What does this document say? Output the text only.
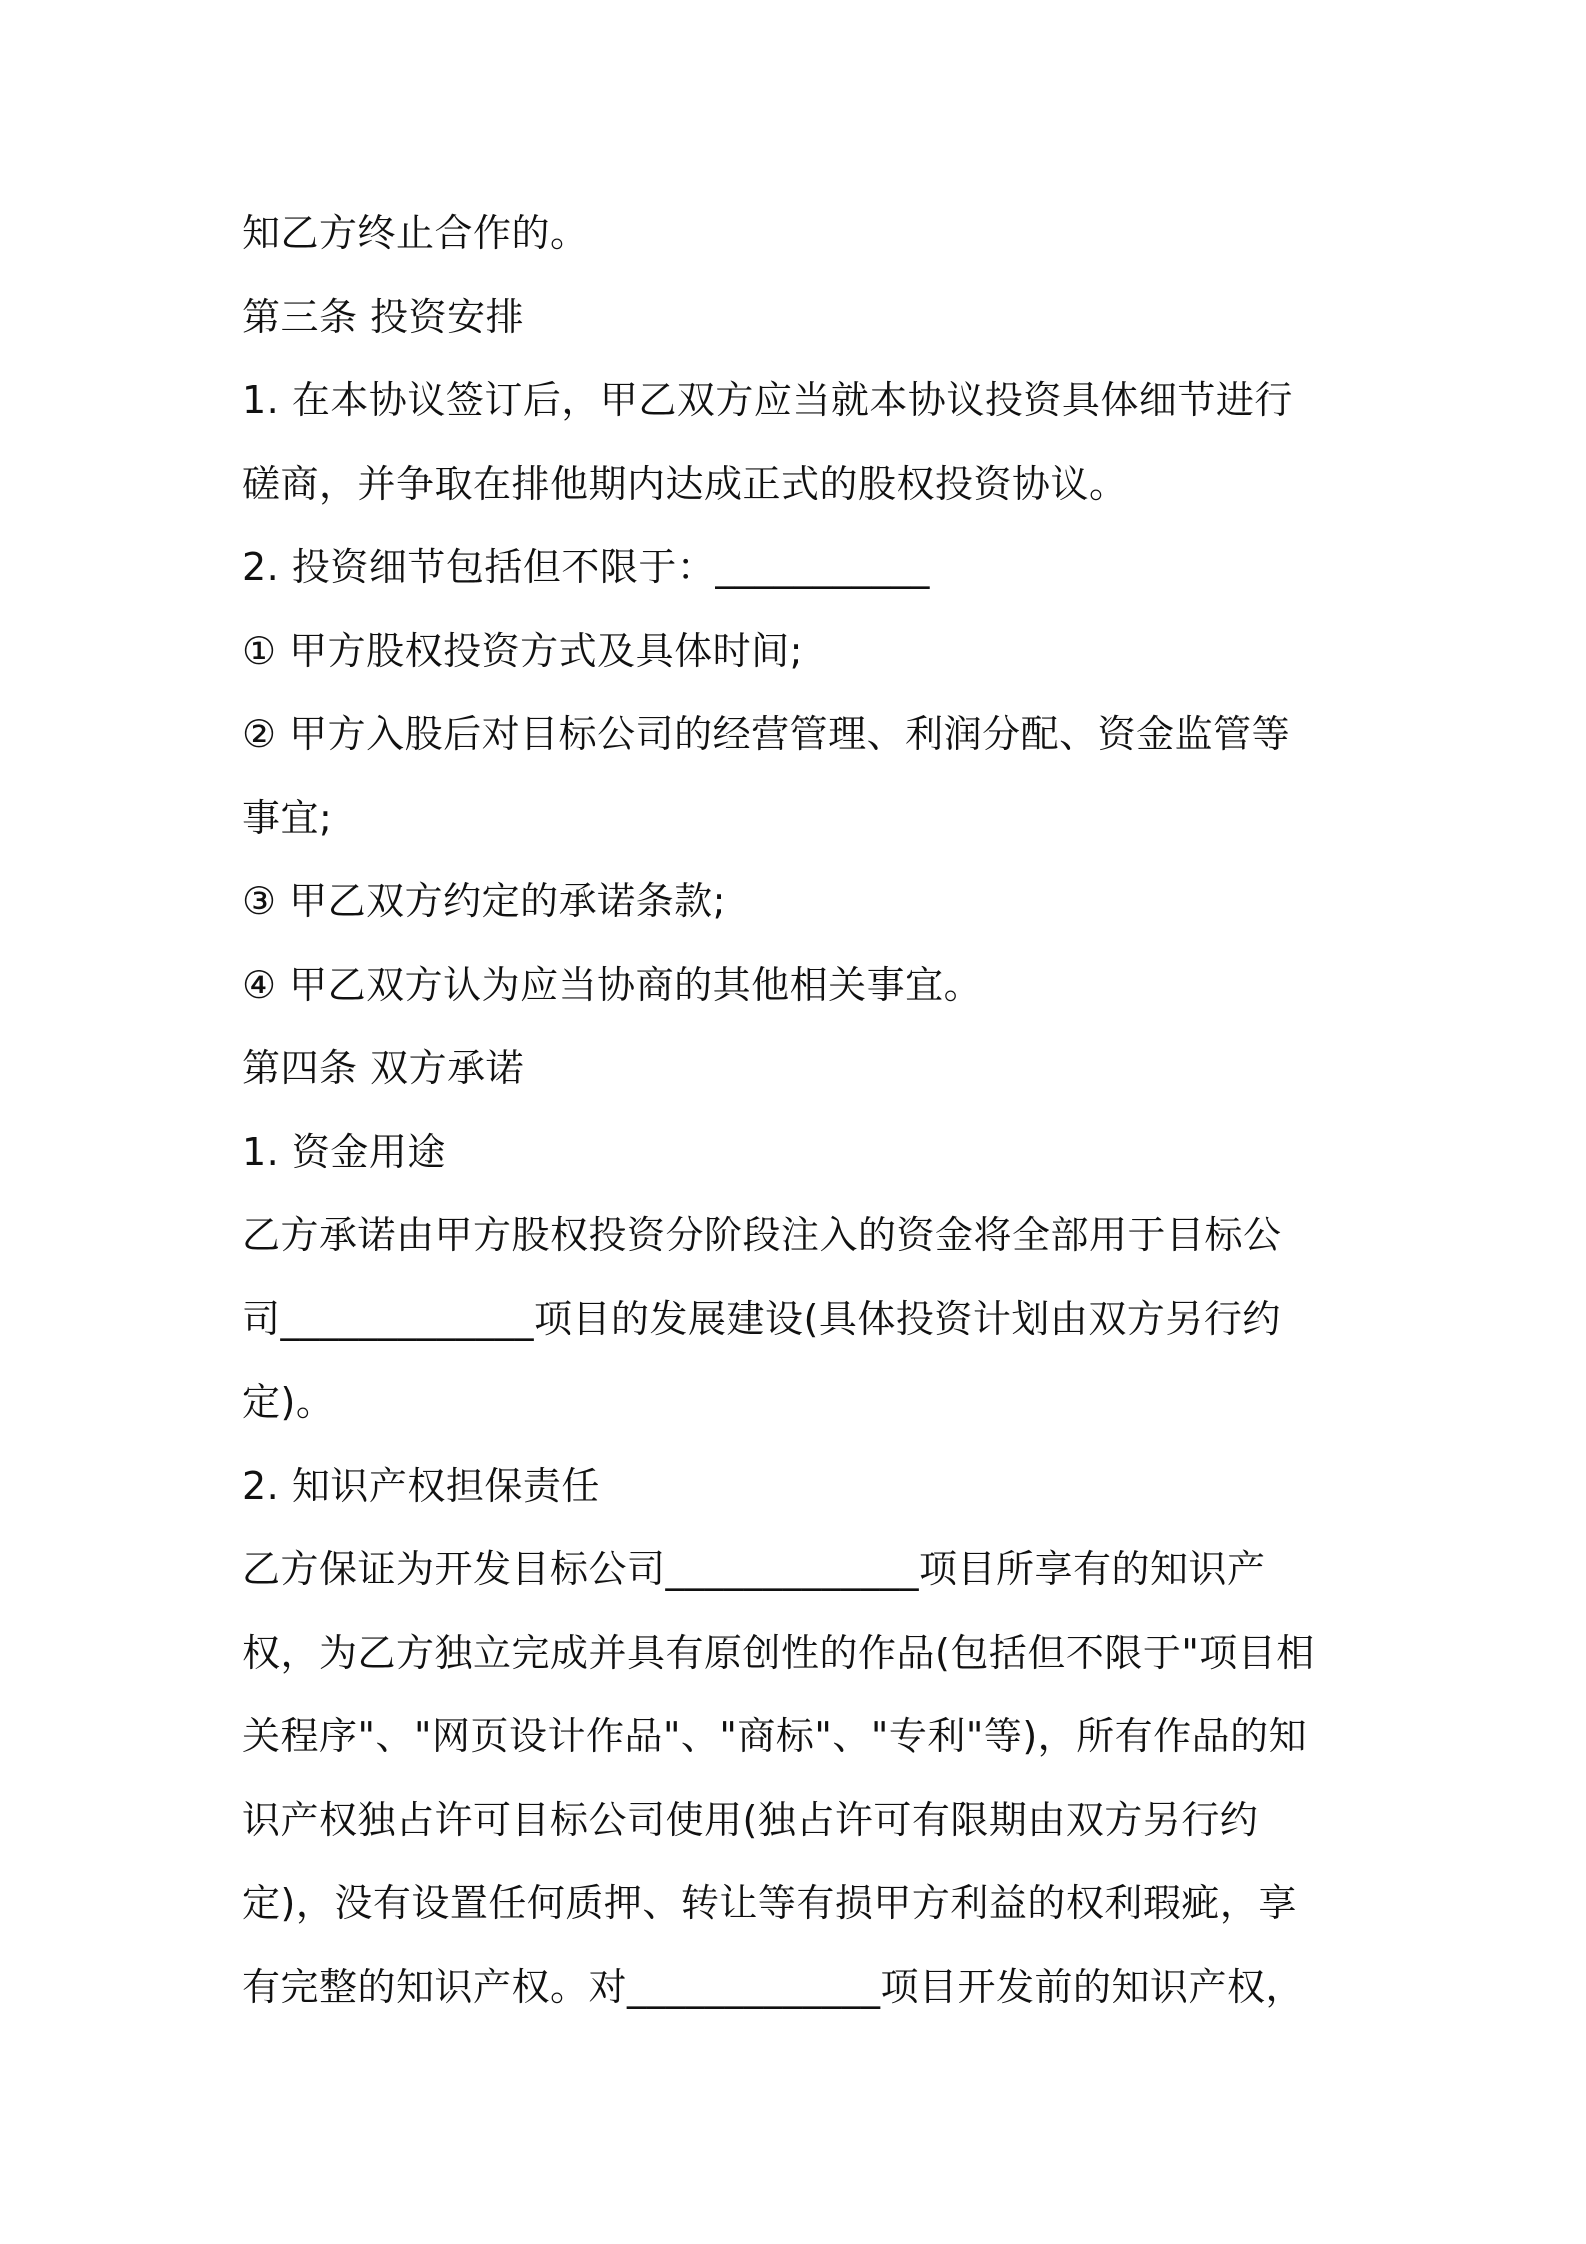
知乙方终止合作的。
第三条 投资安排
1. 在本协议签订后，甲乙双方应当就本协议投资具体细节进行
磋商，并争取在排他期内达成正式的股权投资协议。
2. 投资细节包括但不限于：___________
① 甲方股权投资方式及具体时间;
② 甲方入股后对目标公司的经营管理、利润分配、资金监管等
事宜;
③ 甲乙双方约定的承诺条款;
④ 甲乙双方认为应当协商的其他相关事宜。
第四条 双方承诺
1. 资金用途
乙方承诺由甲方股权投资分阶段注入的资金将全部用于目标公
司_____________项目的发展建设(具体投资计划由双方另行约
定)。
2. 知识产权担保责任
乙方保证为开发目标公司_____________项目所享有的知识产
权，为乙方独立完成并具有原创性的作品(包括但不限于"项目相
关程序"、"网页设计作品"、"商标"、"专利"等)，所有作品的知
识产权独占许可目标公司使用(独占许可有限期由双方另行约
定)，没有设置任何质押、转让等有损甲方利益的权利瑕疵，享
有完整的知识产权。对_____________项目开发前的知识产权，
